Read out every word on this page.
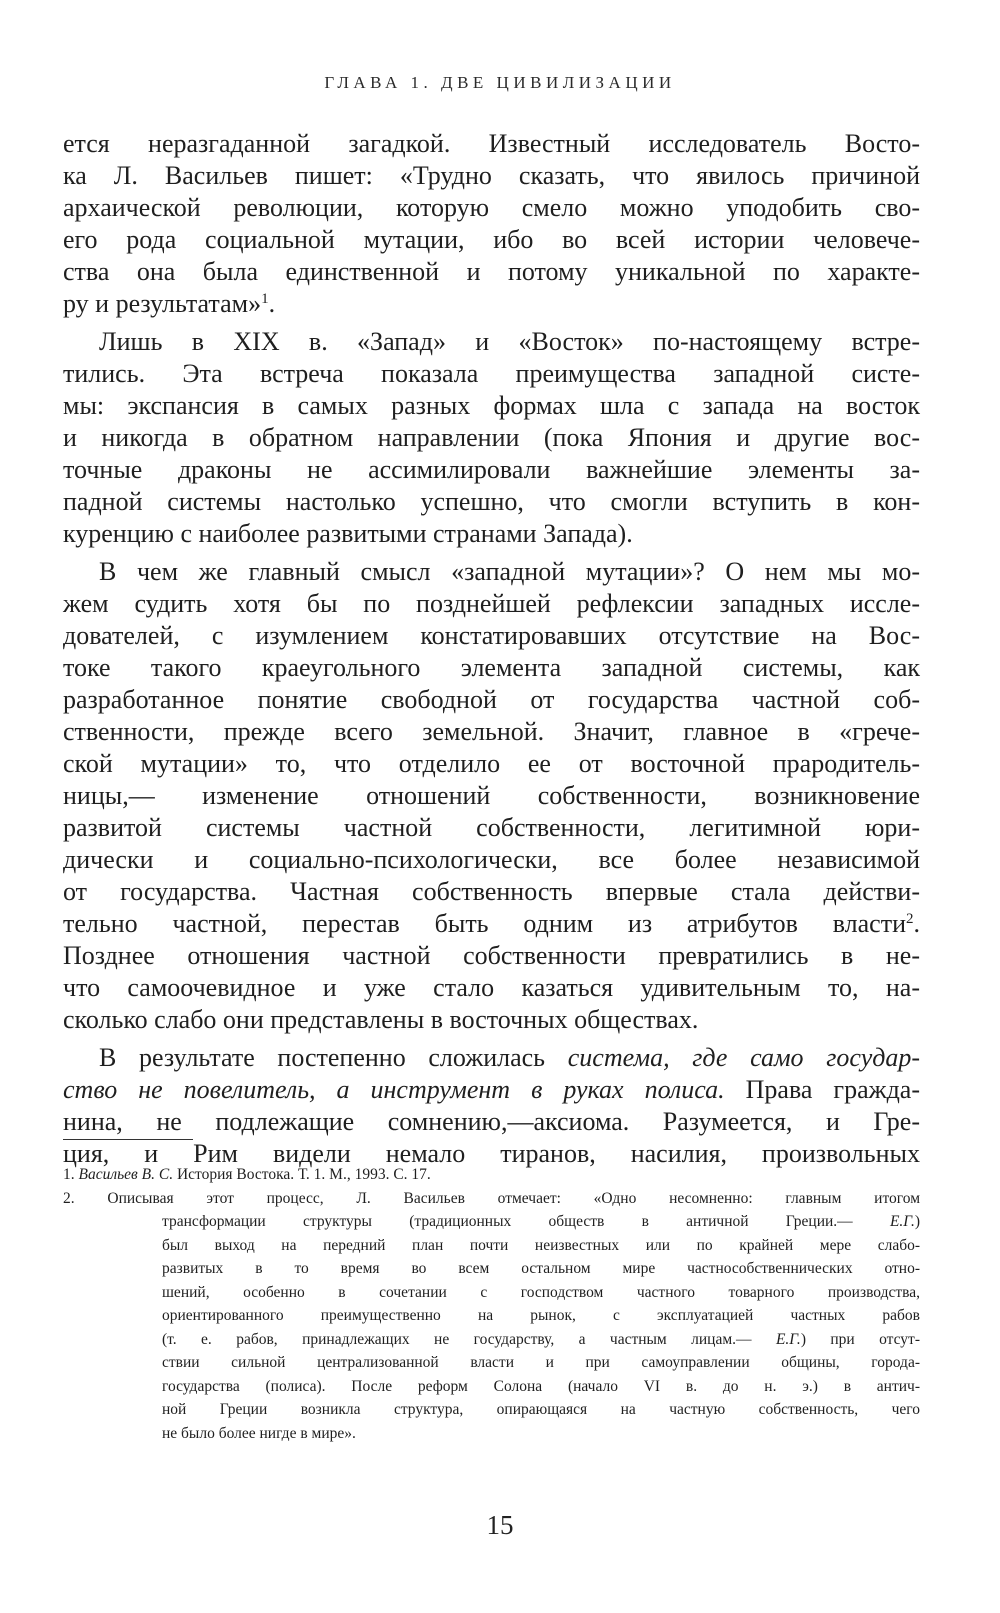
ГЛАВА 1. ДВЕ ЦИВИЛИЗАЦИИ
ется неразгаданной загадкой. Известный исследователь Восто-
ка Л. Васильев пишет: «Трудно сказать, что явилось причиной
архаической революции, которую смело можно уподобить сво-
его рода социальной мутации, ибо во всей истории человече-
ства она была единственной и потому уникальной по характе-
ру и результатам»$^1$.
Лишь в XIX в. «Запад» и «Восток» по-настоящему встре-
тились. Эта встреча показала преимущества западной систе-
мы: экспансия в самых разных формах шла с запада на восток
и никогда в обратном направлении (пока Япония и другие вос-
точные драконы не ассимилировали важнейшие элементы за-
падной системы настолько успешно, что смогли вступить в кон-
куренцию с наиболее развитыми странами Запада).
В чем же главный смысл «западной мутации»? О нем мы мо-
жем судить хотя бы по позднейшей рефлексии западных иссле-
дователей, с изумлением констатировавших отсутствие на Вос-
токе такого краеугольного элемента западной системы, как
разработанное понятие свободной от государства частной соб-
ственности, прежде всего земельной. Значит, главное в «грече-
ской мутации» то, что отделило ее от восточной прародитель-
ницы,— изменение отношений собственности, возникновение
развитой системы частной собственности, легитимной юри-
дически и социально-психологически, все более независимой
от государства. Частная собственность впервые стала действи-
тельно частной, перестав быть одним из атрибутов власти$^2$.
Позднее отношения частной собственности превратились в не-
что самоочевидное и уже стало казаться удивительным то, на-
сколько слабо они представлены в восточных обществах.
В результате постепенно сложилась система, где само государ-
ство не повелитель, а инструмент в руках полиса. Права гражда-
нина, не подлежащие сомнению,—аксиома. Разумеется, и Гре-
ция, и Рим видели немало тиранов, насилия, произвольных
1. Васильев В. С. История Востока. Т. 1. М., 1993. С. 17.
2. Описывая этот процесс, Л. Васильев отмечает: «Одно несомненно: главным итогом
трансформации структуры (традиционных обществ в античной Греции.— Е.Г.)
был выход на передний план почти неизвестных или по крайней мере слабо-
развитых в то время во всем остальном мире частнособственнических отно-
шений, особенно в сочетании с господством частного товарного производства,
ориентированного преимущественно на рынок, с эксплуатацией частных рабов
(т. е. рабов, принадлежащих не государству, а частным лицам.— Е.Г.) при отсут-
ствии сильной централизованной власти и при самоуправлении общины, города-
государства (полиса). После реформ Солона (начало VI в. до н. э.) в антич-
ной Греции возникла структура, опирающаяся на частную собственность, чего
не было более нигде в мире».
15
